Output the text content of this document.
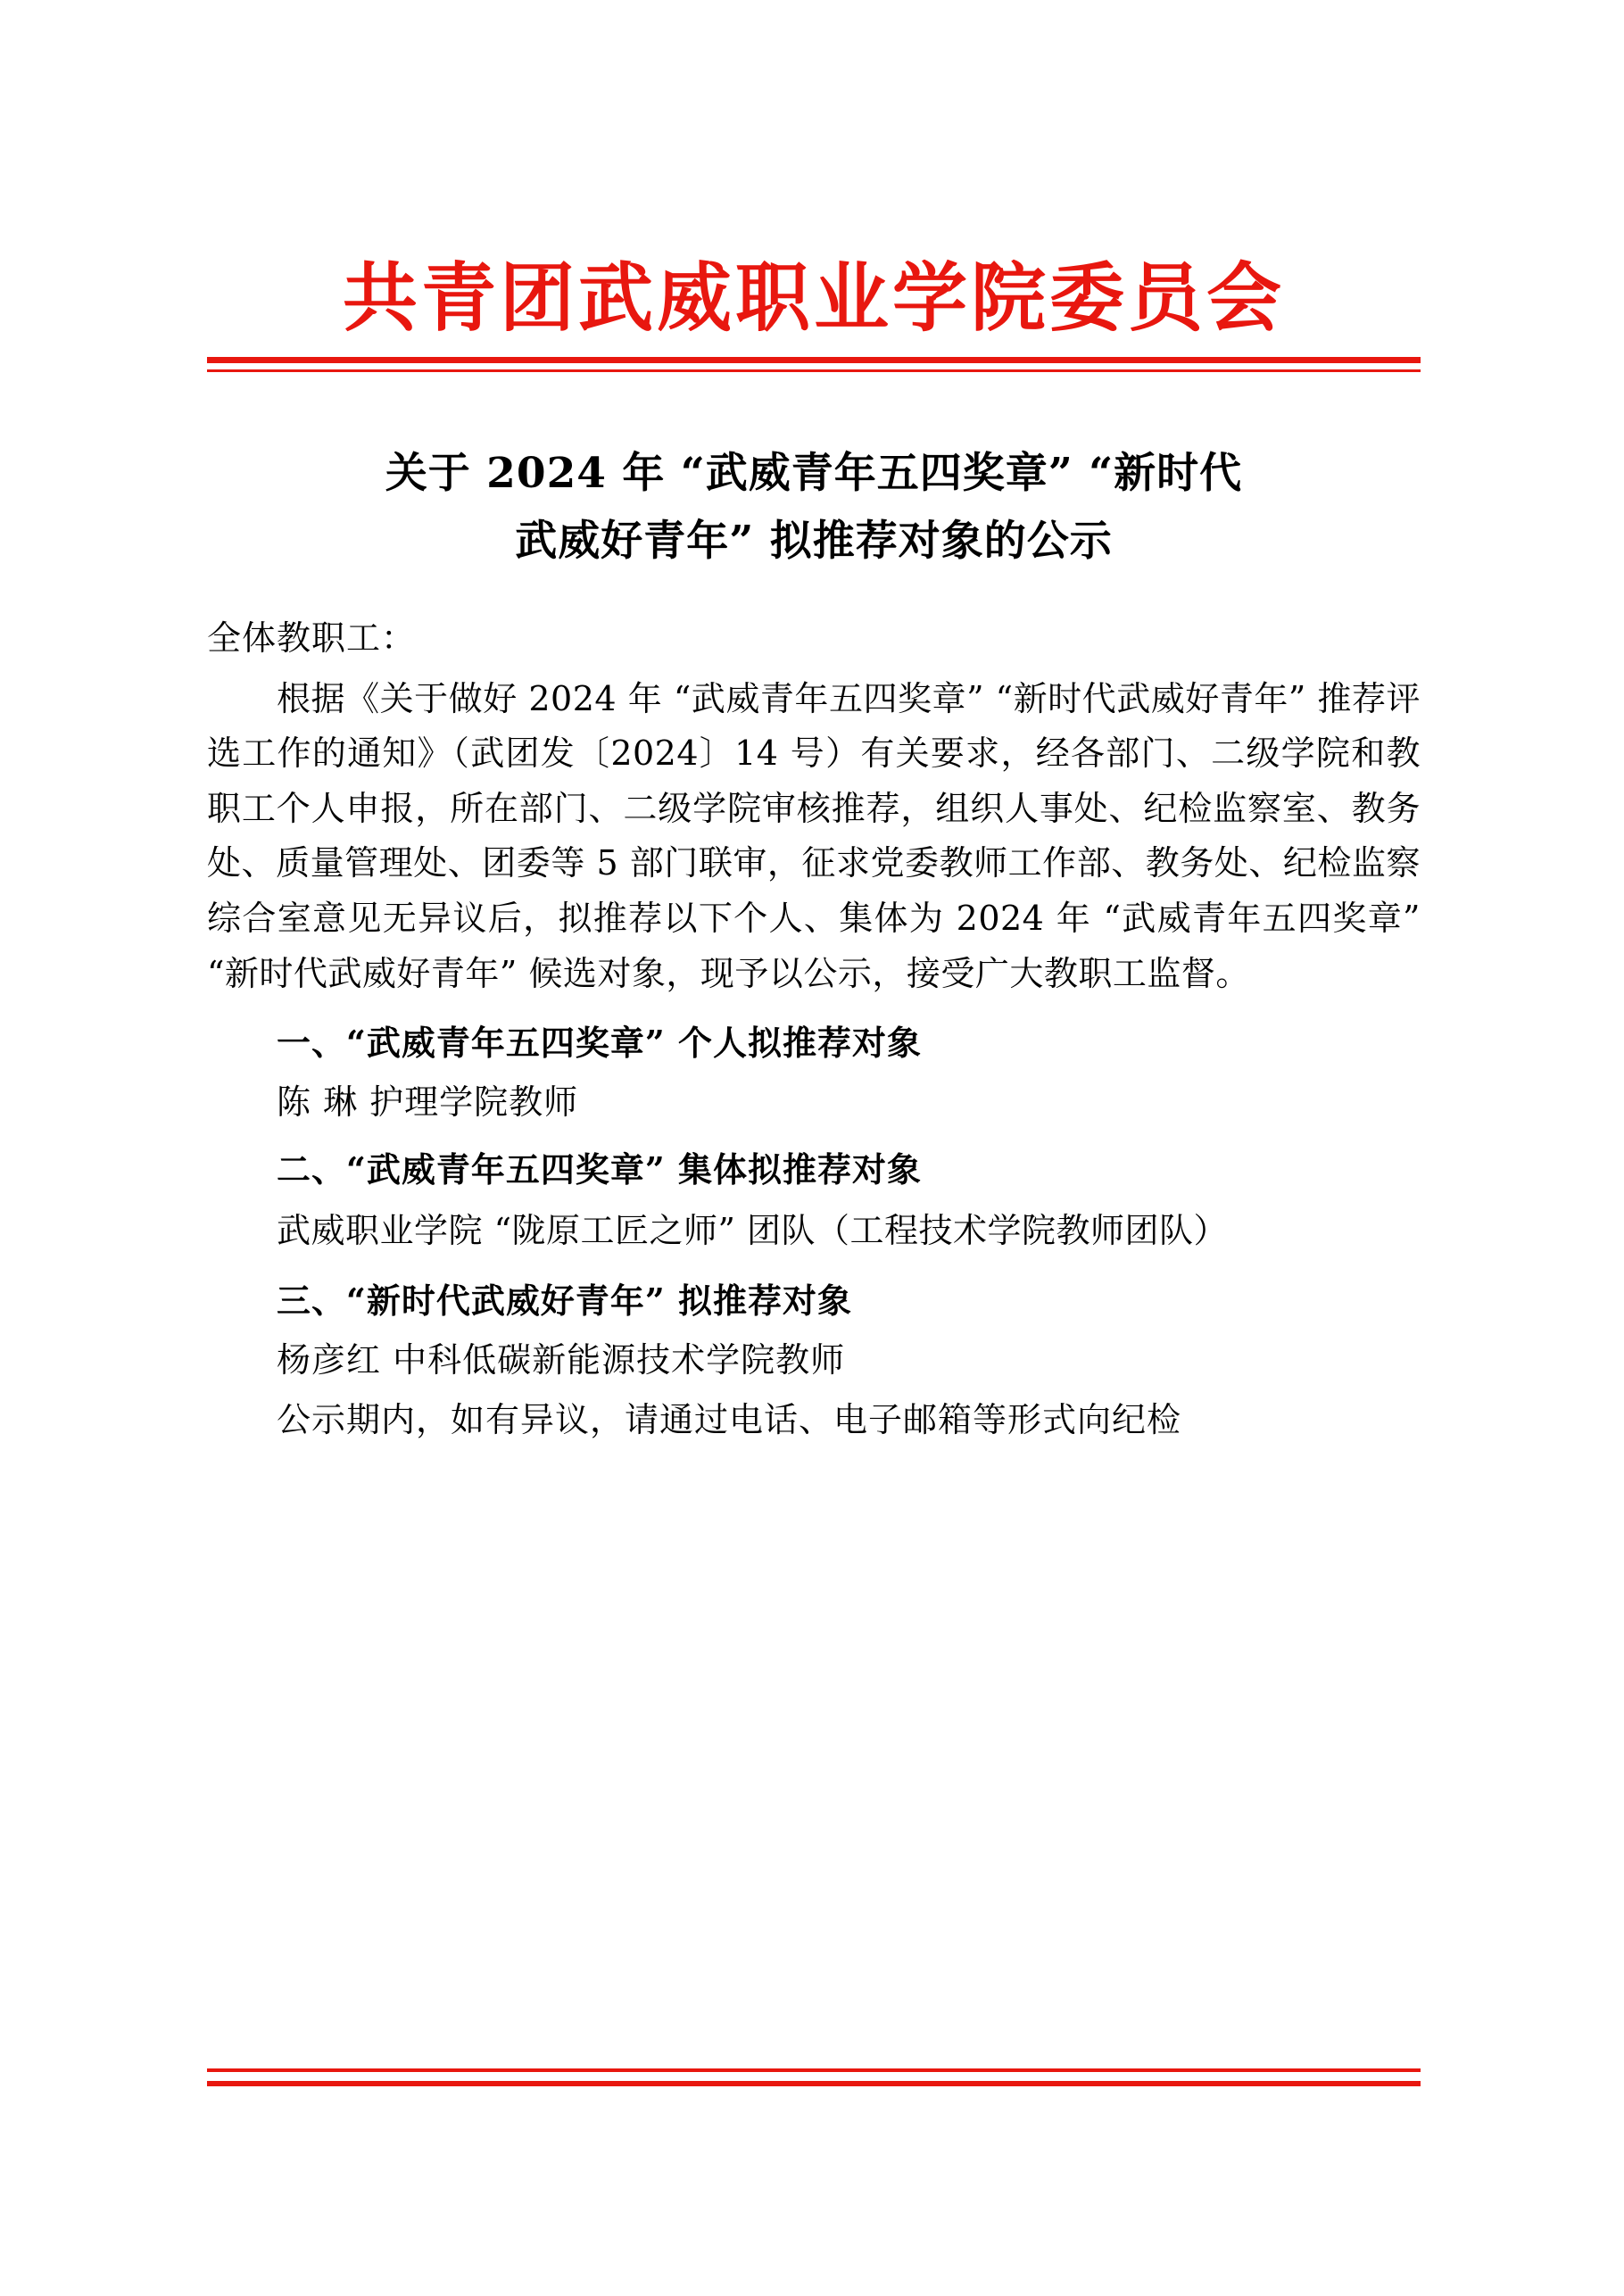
共青团武威职业学院委员会
关于 2024 年 “武威青年五四奖章” “新时代
武威好青年” 拟推荐对象的公示
全体教职工：

根据《关于做好 2024 年 “武威青年五四奖章” “新时代武威好青年” 推荐评选工作的通知》（武团发〔2024〕14 号）有关要求，经各部门、二级学院和教职工个人申报，所在部门、二级学院审核推荐，组织人事处、纪检监察室、教务处、质量管理处、团委等 5 部门联审，征求党委教师工作部、教务处、纪检监察综合室意见无异议后，拟推荐以下个人、集体为 2024 年 “武威青年五四奖章” “新时代武威好青年” 候选对象，现予以公示，接受广大教职工监督。

一、“武威青年五四奖章” 个人拟推荐对象

陈 琳 护理学院教师

二、“武威青年五四奖章” 集体拟推荐对象

武威职业学院 “陇原工匠之师” 团队（工程技术学院教师团队）

三、“新时代武威好青年” 拟推荐对象

杨彦红 中科低碳新能源技术学院教师

公示期内，如有异议，请通过电话、电子邮箱等形式向纪检
